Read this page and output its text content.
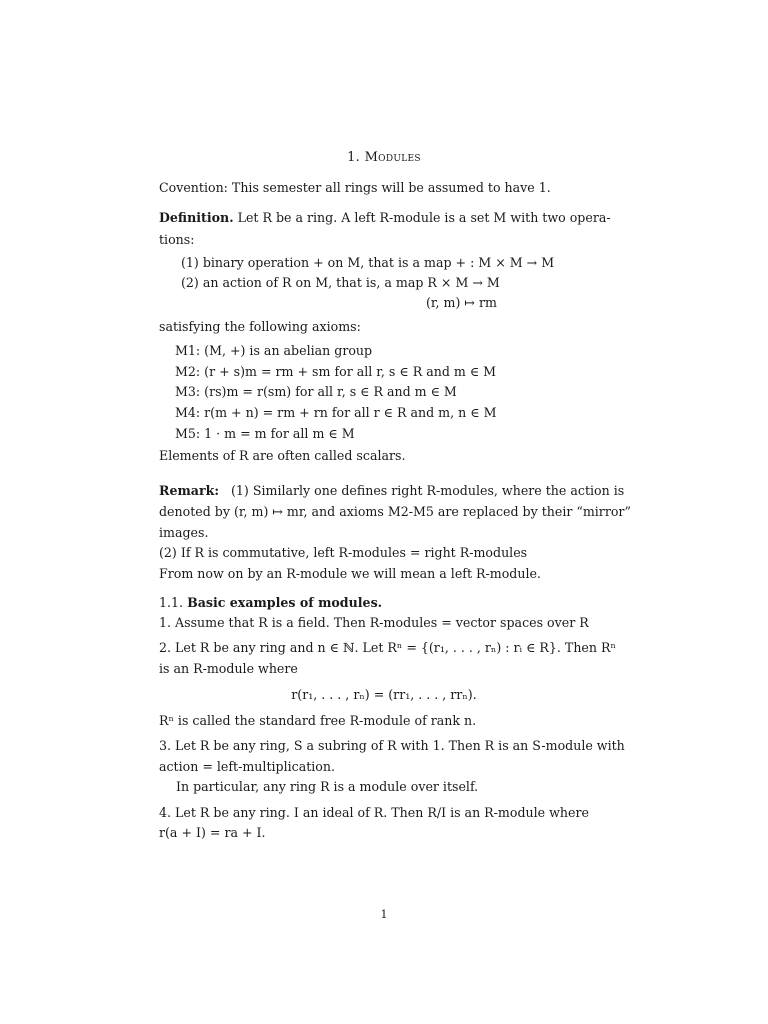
1. Modules
Covention: This semester all rings will be assumed to have 1.
Definition. Let R be a ring. A left R-module is a set M with two opera-
tions:
(1) binary operation + on M, that is a map + : M × M → M
(2) an action of R on M, that is, a map R × M → M
(r, m) ↦ rm
satisfying the following axioms:
M1: (M, +) is an abelian group
M2: (r + s)m = rm + sm for all r, s ∈ R and m ∈ M
M3: (rs)m = r(sm) for all r, s ∈ R and m ∈ M
M4: r(m + n) = rm + rn for all r ∈ R and m, n ∈ M
M5: 1 · m = m for all m ∈ M
Elements of R are often called scalars.
Remark: (1) Similarly one defines right R-modules, where the action is
denoted by (r, m) ↦ mr, and axioms M2-M5 are replaced by their “mirror”
images.
(2) If R is commutative, left R-modules = right R-modules
From now on by an R-module we will mean a left R-module.
1.1. Basic examples of modules.
1. Assume that R is a field. Then R-modules = vector spaces over R
2. Let R be any ring and n ∈ ℕ. Let Rⁿ = {(r₁, . . . , rₙ) : rᵢ ∈ R}. Then Rⁿ
is an R-module where
r(r₁, . . . , rₙ) = (rr₁, . . . , rrₙ).
Rⁿ is called the standard free R-module of rank n.
3. Let R be any ring, S a subring of R with 1. Then R is an S-module with
action = left-multiplication.
In particular, any ring R is a module over itself.
4. Let R be any ring. I an ideal of R. Then R/I is an R-module where
r(a + I) = ra + I.
1
